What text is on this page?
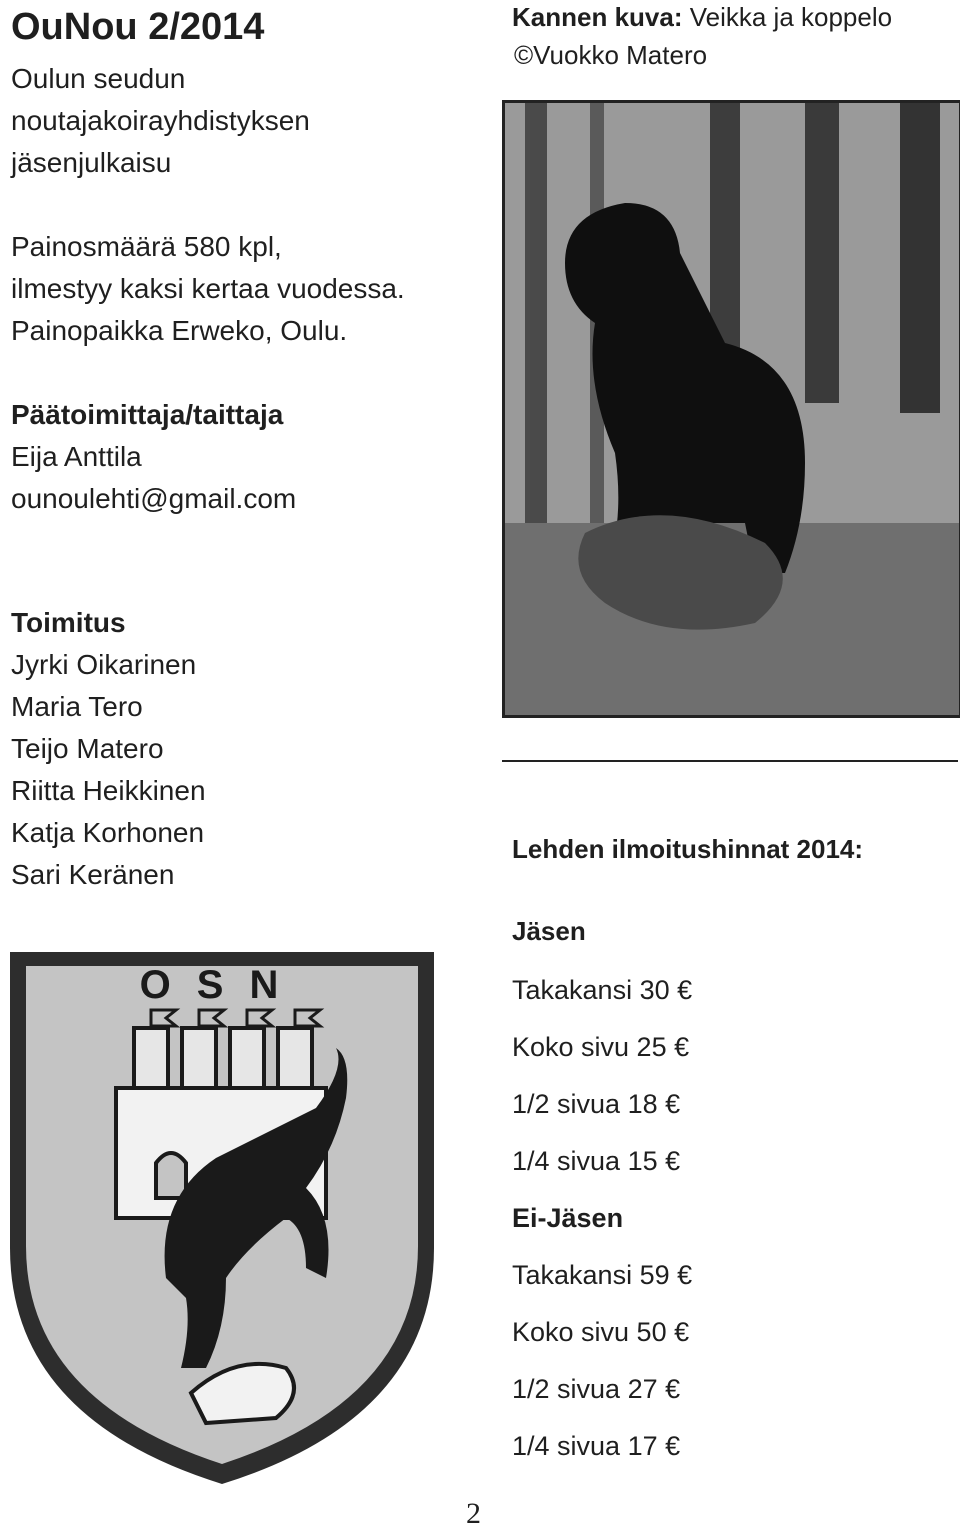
OuNou 2/2014
Oulun seudun
noutajakoirayhdistyksen
jäsenjulkaisu
Painosmäärä 580 kpl,
ilmestyy kaksi kertaa vuodessa.
Painopaikka Erweko, Oulu.
Päätoimittaja/taittaja
Eija Anttila
ounoulehti@gmail.com
Toimitus
Jyrki Oikarinen
Maria Tero
Teijo Matero
Riitta Heikkinen
Katja Korhonen
Sari Keränen
OSN
Kannen kuva: Veikka ja koppelo
©Vuokko Matero
Lehden ilmoitushinnat 2014:
Jäsen
Takakansi 30 €
Koko sivu 25 €
1/2 sivua 18 €
1/4 sivua 15 €
Ei-Jäsen
Takakansi 59 €
Koko sivu 50 €
1/2 sivua 27 €
1/4 sivua 17 €
2
